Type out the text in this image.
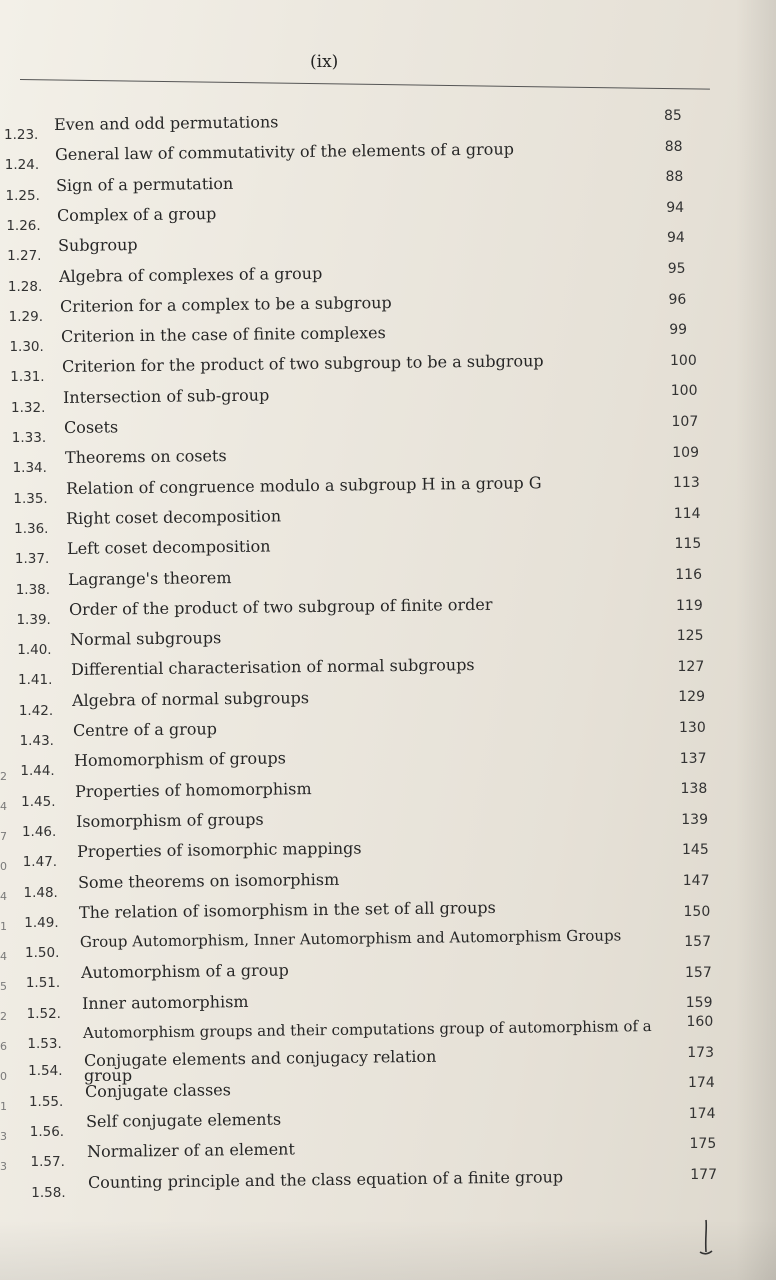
(ix)
1.23.
Even and odd permutations	85
1.24.
General law of commutativity of the elements of a group	88
1.25.
Sign of a permutation	88
1.26.
Complex of a group	94
1.27.
Subgroup	94
1.28.
Algebra of complexes of a group	95
1.29.
Criterion for a complex to be a subgroup	96
1.30.
Criterion in the case of finite complexes	99
1.31.
Criterion for the product of two subgroup to be a subgroup	100
1.32.
Intersection of sub-group	100
1.33.
Cosets	107
1.34.
Theorems on cosets	109
1.35.
Relation of congruence modulo a subgroup H in a group G	113
1.36.
Right coset decomposition	114
1.37.
Left coset decomposition	115
1.38.
Lagrange's theorem	116
1.39.
Order of the product of two subgroup of finite order	119
1.40.
Normal subgroups	125
1.41.
Differential characterisation of normal subgroups	127
1.42.
Algebra of normal subgroups	129
1.43.
Centre of a group	130
1.44.
Homomorphism of groups	137
1.45.
Properties of homomorphism	138
1.46.
Isomorphism of groups	139
1.47.
Properties of isomorphic mappings	145
1.48.
Some theorems on isomorphism	147
1.49.
The relation of isomorphism in the set of all groups	150
1.50.
Group Automorphism, Inner Automorphism and Automorphism Groups	157
1.51.
Automorphism of a group	157
1.52.
Inner automorphism	159
1.53.
Automorphism groups and their computations group of automorphism of a 160
1.54.
Conjugate elements and conjugacy relation	173
1.55.
Conjugate classes	174
1.56.
Self conjugate elements	174
1.57.
Normalizer of an element	175
1.58.
Counting principle and the class equation of a finite group	177
group
2
4
7
0
4
1
4
5
2
6
0
1
3
3
